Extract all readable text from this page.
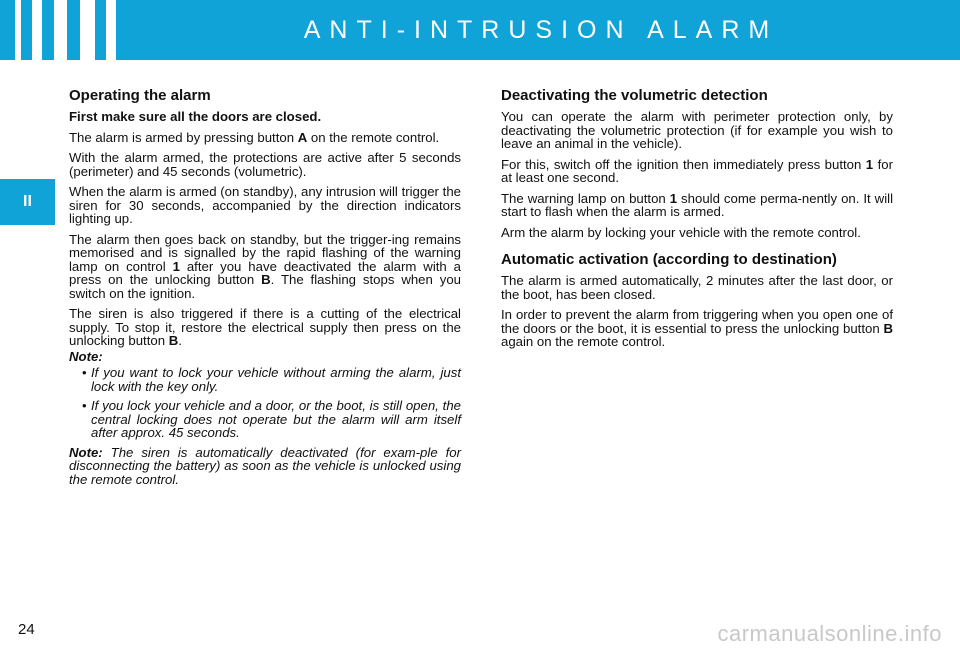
ANTI-INTRUSION ALARM
II
Operating the alarm

First make sure all the doors are closed.

The alarm is armed by pressing button A on the remote control.

With the alarm armed, the protections are active after 5 seconds (perimeter) and 45 seconds (volumetric).

When the alarm is armed (on standby), any intrusion will trigger the siren for 30 seconds, accompanied by the direction indicators lighting up.

The alarm then goes back on standby, but the trigger-ing remains memorised and is signalled by the rapid flashing of the warning lamp on control 1 after you have deactivated the alarm with a press on the unlocking button B. The flashing stops when you switch on the ignition.

The siren is also triggered if there is a cutting of the electrical supply. To stop it, restore the electrical supply then press on the unlocking button B.

Note:
• If you want to lock your vehicle without arming the alarm, just lock with the key only.
• If you lock your vehicle and a door, or the boot, is still open, the central locking does not operate but the alarm will arm itself after approx. 45 seconds.

Note: The siren is automatically deactivated (for exam-ple for disconnecting the battery) as soon as the vehicle is unlocked using the remote control.

Deactivating the volumetric detection

You can operate the alarm with perimeter protection only, by deactivating the volumetric protection (if for example you wish to leave an animal in the vehicle).

For this, switch off the ignition then immediately press button 1 for at least one second.

The warning lamp on button 1 should come perma-nently on. It will start to flash when the alarm is armed.

Arm the alarm by locking your vehicle with the remote control.

Automatic activation (according to destination)

The alarm is armed automatically, 2 minutes after the last door, or the boot, has been closed.

In order to prevent the alarm from triggering when you open one of the doors or the boot, it is essential to press the unlocking button B again on the remote control.

24	carmanualsonline.info
